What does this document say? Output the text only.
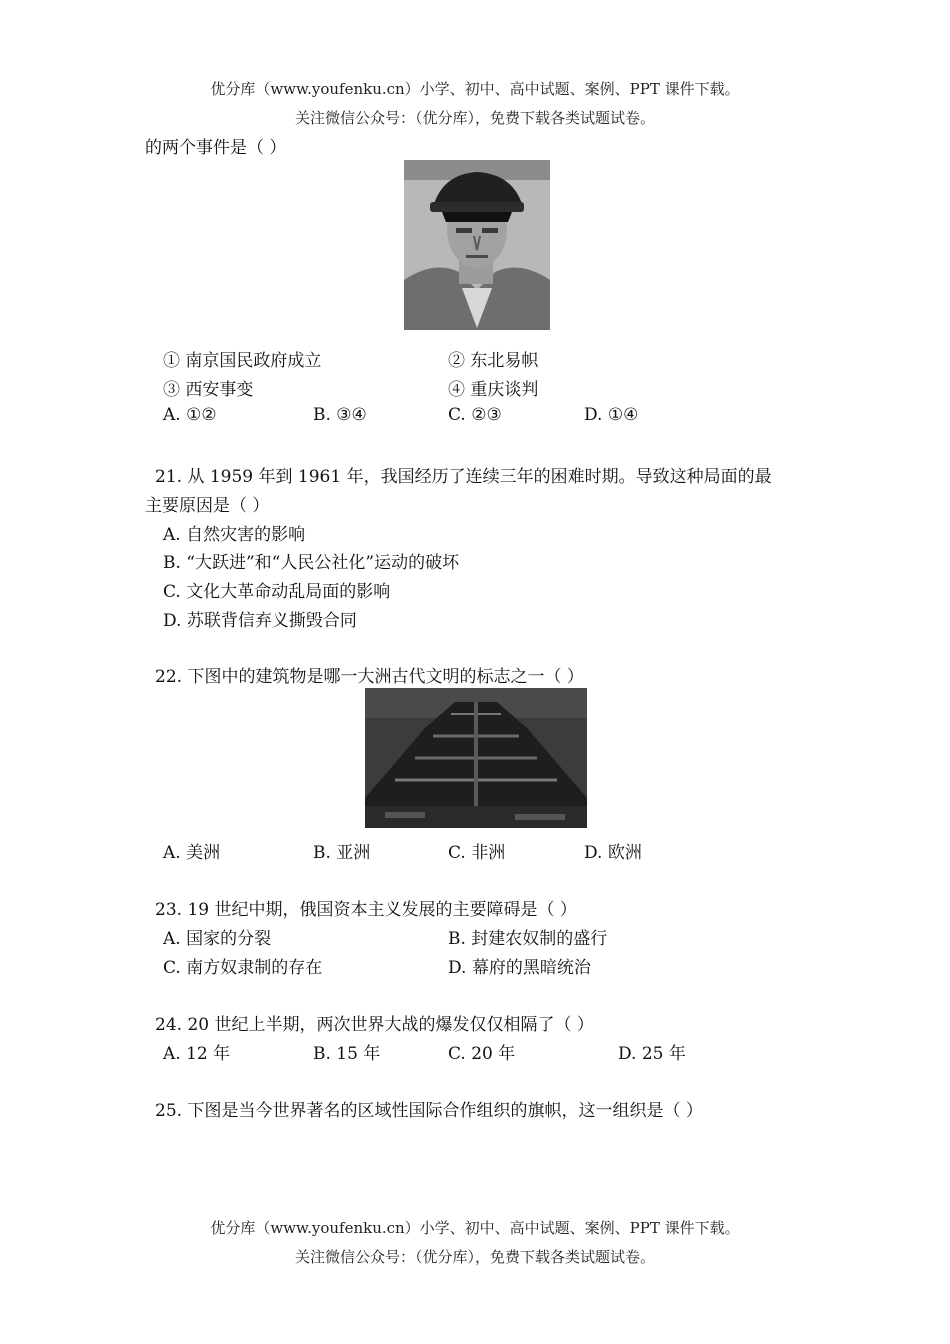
优分库（www.youfenku.cn）小学、初中、高中试题、案例、PPT 课件下载。
关注微信公众号：（优分库），免费下载各类试题试卷。
的两个事件是（ ）
① 南京国民政府成立	② 东北易帜
③ 西安事变	④ 重庆谈判
A. ①②	B. ③④	C. ②③	D. ①④
21. 从 1959 年到 1961 年，我国经历了连续三年的困难时期。导致这种局面的最
主要原因是（ ）
A. 自然灾害的影响
B. “大跃进”和“人民公社化”运动的破坏
C. 文化大革命动乱局面的影响
D. 苏联背信弃义撕毁合同
22. 下图中的建筑物是哪一大洲古代文明的标志之一（ ）
A. 美洲	B. 亚洲	C. 非洲	D. 欧洲
23. 19 世纪中期，俄国资本主义发展的主要障碍是（ ）
A. 国家的分裂	B. 封建农奴制的盛行
C. 南方奴隶制的存在	D. 幕府的黑暗统治
24. 20 世纪上半期，两次世界大战的爆发仅仅相隔了（ ）
A. 12 年	B. 15 年	C. 20 年	D. 25 年
25. 下图是当今世界著名的区域性国际合作组织的旗帜，这一组织是（ ）
优分库（www.youfenku.cn）小学、初中、高中试题、案例、PPT 课件下载。
关注微信公众号：（优分库），免费下载各类试题试卷。
